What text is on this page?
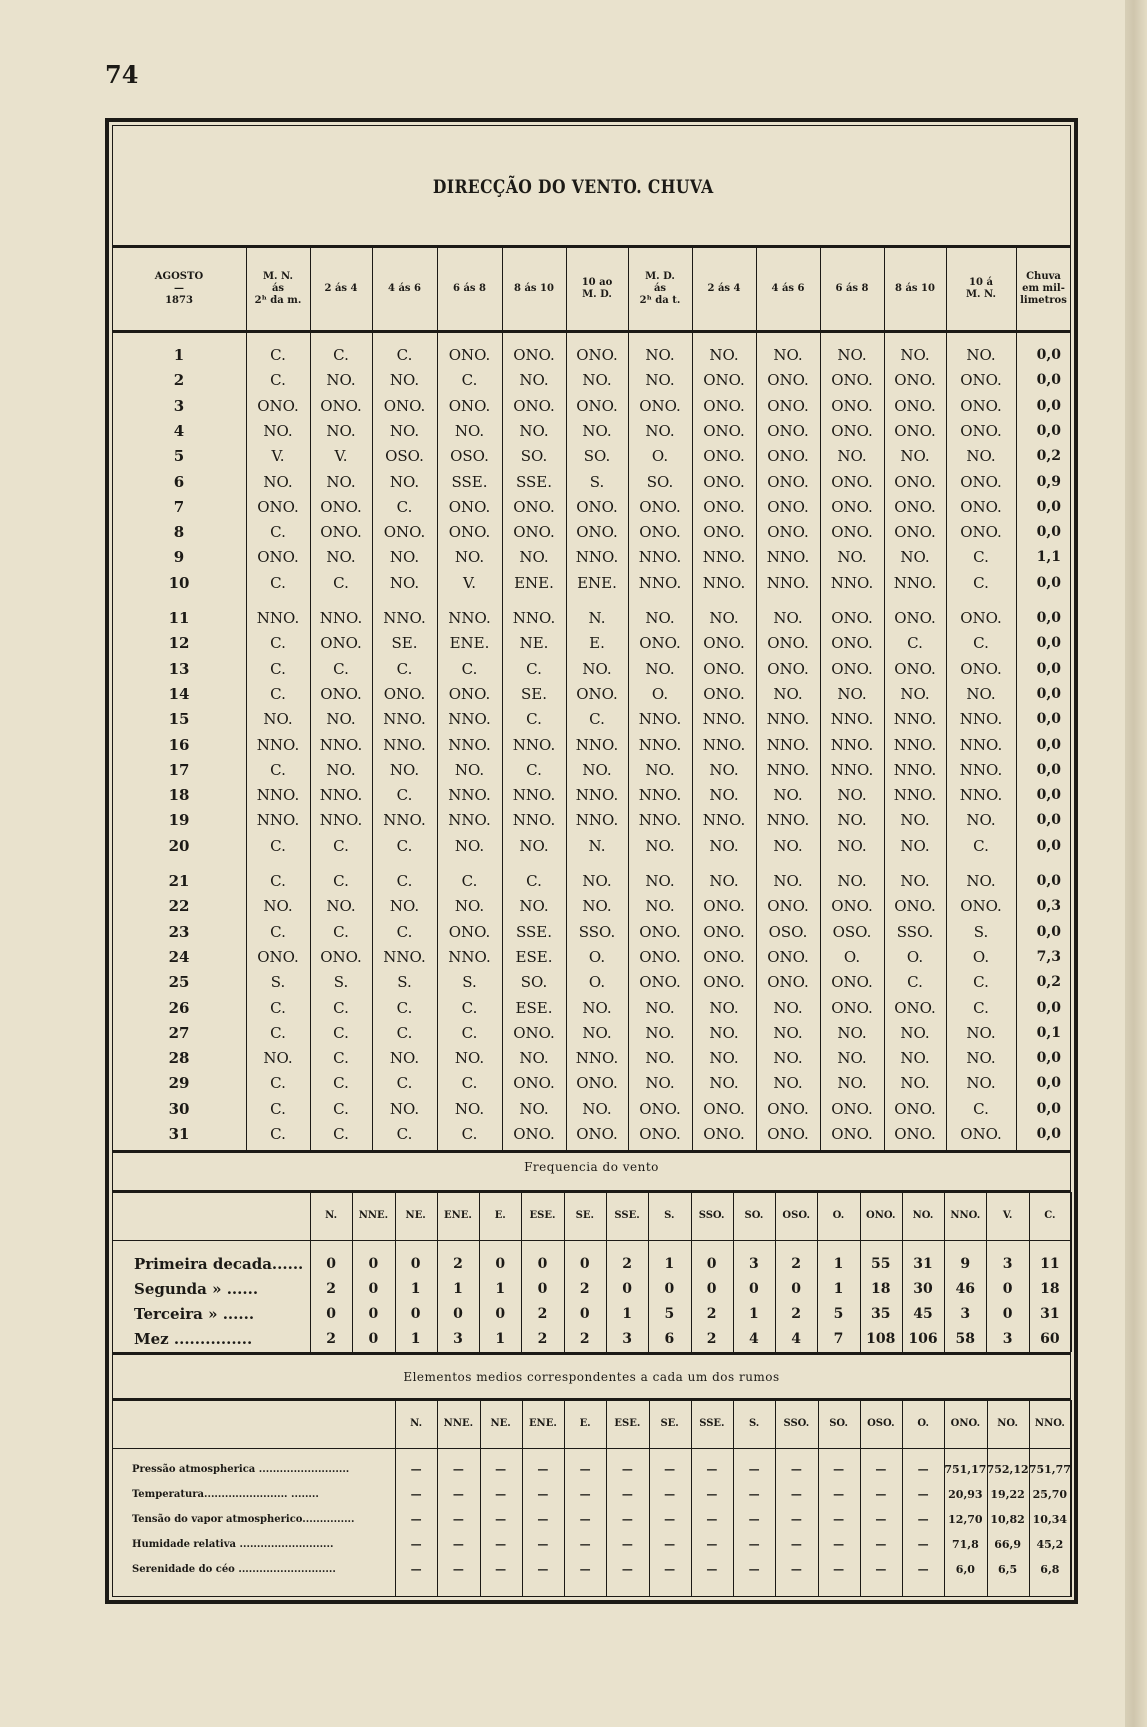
74
DIRECÇÃO DO VENTO. CHUVA
AGOSTO
—
1873
M. N.
ás
2ʰ da m.
2 ás 4	4 ás 6	6 ás 8	8 ás 10
10 ao
M. D.
M. D.
ás
2ʰ da t.
2 ás 4	4 ás 6	6 ás 8	8 ás 10
10 á
M. N.
Chuva
em mil-
limetros
1	C.	C.	C.	ONO.	ONO.	ONO.	NO.	NO.	NO.	NO.	NO.	NO.	0,0
2	C.	NO.	NO.	C.	NO.	NO.	NO.	ONO.	ONO.	ONO.	ONO.	ONO.	0,0
3	ONO.	ONO.	ONO.	ONO.	ONO.	ONO.	ONO.	ONO.	ONO.	ONO.	ONO.	ONO.	0,0
4	NO.	NO.	NO.	NO.	NO.	NO.	NO.	ONO.	ONO.	ONO.	ONO.	ONO.	0,0
5	V.	V.	OSO.	OSO.	SO.	SO.	O.	ONO.	ONO.	NO.	NO.	NO.	0,2
6	NO.	NO.	NO.	SSE.	SSE.	S.	SO.	ONO.	ONO.	ONO.	ONO.	ONO.	0,9
7	ONO.	ONO.	C.	ONO.	ONO.	ONO.	ONO.	ONO.	ONO.	ONO.	ONO.	ONO.	0,0
8	C.	ONO.	ONO.	ONO.	ONO.	ONO.	ONO.	ONO.	ONO.	ONO.	ONO.	ONO.	0,0
9	ONO.	NO.	NO.	NO.	NO.	NNO.	NNO.	NNO.	NNO.	NO.	NO.	C.	1,1
10	C.	C.	NO.	V.	ENE.	ENE.	NNO.	NNO.	NNO.	NNO.	NNO.	C.	0,0
11	NNO.	NNO.	NNO.	NNO.	NNO.	N.	NO.	NO.	NO.	ONO.	ONO.	ONO.	0,0
12	C.	ONO.	SE.	ENE.	NE.	E.	ONO.	ONO.	ONO.	ONO.	C.	C.	0,0
13	C.	C.	C.	C.	C.	NO.	NO.	ONO.	ONO.	ONO.	ONO.	ONO.	0,0
14	C.	ONO.	ONO.	ONO.	SE.	ONO.	O.	ONO.	NO.	NO.	NO.	NO.	0,0
15	NO.	NO.	NNO.	NNO.	C.	C.	NNO.	NNO.	NNO.	NNO.	NNO.	NNO.	0,0
16	NNO.	NNO.	NNO.	NNO.	NNO.	NNO.	NNO.	NNO.	NNO.	NNO.	NNO.	NNO.	0,0
17	C.	NO.	NO.	NO.	C.	NO.	NO.	NO.	NNO.	NNO.	NNO.	NNO.	0,0
18	NNO.	NNO.	C.	NNO.	NNO.	NNO.	NNO.	NO.	NO.	NO.	NNO.	NNO.	0,0
19	NNO.	NNO.	NNO.	NNO.	NNO.	NNO.	NNO.	NNO.	NNO.	NO.	NO.	NO.	0,0
20	C.	C.	C.	NO.	NO.	N.	NO.	NO.	NO.	NO.	NO.	C.	0,0
21	C.	C.	C.	C.	C.	NO.	NO.	NO.	NO.	NO.	NO.	NO.	0,0
22	NO.	NO.	NO.	NO.	NO.	NO.	NO.	ONO.	ONO.	ONO.	ONO.	ONO.	0,3
23	C.	C.	C.	ONO.	SSE.	SSO.	ONO.	ONO.	OSO.	OSO.	SSO.	S.	0,0
24	ONO.	ONO.	NNO.	NNO.	ESE.	O.	ONO.	ONO.	ONO.	O.	O.	O.	7,3
25	S.	S.	S.	S.	SO.	O.	ONO.	ONO.	ONO.	ONO.	C.	C.	0,2
26	C.	C.	C.	C.	ESE.	NO.	NO.	NO.	NO.	ONO.	ONO.	C.	0,0
27	C.	C.	C.	C.	ONO.	NO.	NO.	NO.	NO.	NO.	NO.	NO.	0,1
28	NO.	C.	NO.	NO.	NO.	NNO.	NO.	NO.	NO.	NO.	NO.	NO.	0,0
29	C.	C.	C.	C.	ONO.	ONO.	NO.	NO.	NO.	NO.	NO.	NO.	0,0
30	C.	C.	NO.	NO.	NO.	NO.	ONO.	ONO.	ONO.	ONO.	ONO.	C.	0,0
31	C.	C.	C.	C.	ONO.	ONO.	ONO.	ONO.	ONO.	ONO.	ONO.	ONO.	0,0
Frequencia do vento
N.	NNE.	NE.	ENE.	E.	ESE.	SE.	SSE.	S.	SSO.	SO.	OSO.	O.	ONO.	NO.	NNO.	V.	C.
Primeira decada......	0	0	0	2	0	0	0	2	1	0	3	2	1	55	31	9	3	11
Segunda » ......	2	0	1	1	1	0	2	0	0	0	0	0	1	18	30	46	0	18
Terceira » ......	0	0	0	0	0	2	0	1	5	2	1	2	5	35	45	3	0	31
Mez ...............	2	0	1	3	1	2	2	3	6	2	4	4	7	108 106	58	3	60
Elementos medios correspondentes a cada um dos rumos
N.	NNE.	NE.	ENE.	E.	ESE.	SE.	SSE.	S.	SSO.	SO.	OSO.	O.	ONO.	NO.	NNO.
Pressão atmospherica ..........................	—	—	—	—	—	—	—	—	—	—	—	—	—	751,17 752,12 751,77
Temperatura........................ ........	—	—	—	—	—	—	—	—	—	—	—	—	—	20,93 19,22 25,70
Tensão do vapor atmospherico...............	—	—	—	—	—	—	—	—	—	—	—	—	—	12,70 10,82 10,34
Humidade relativa ...........................	—	—	—	—	—	—	—	—	—	—	—	—	—	71,8	66,9	45,2
Serenidade do céo ............................	—	—	—	—	—	—	—	—	—	—	—	—	—	6,0	6,5	6,8
